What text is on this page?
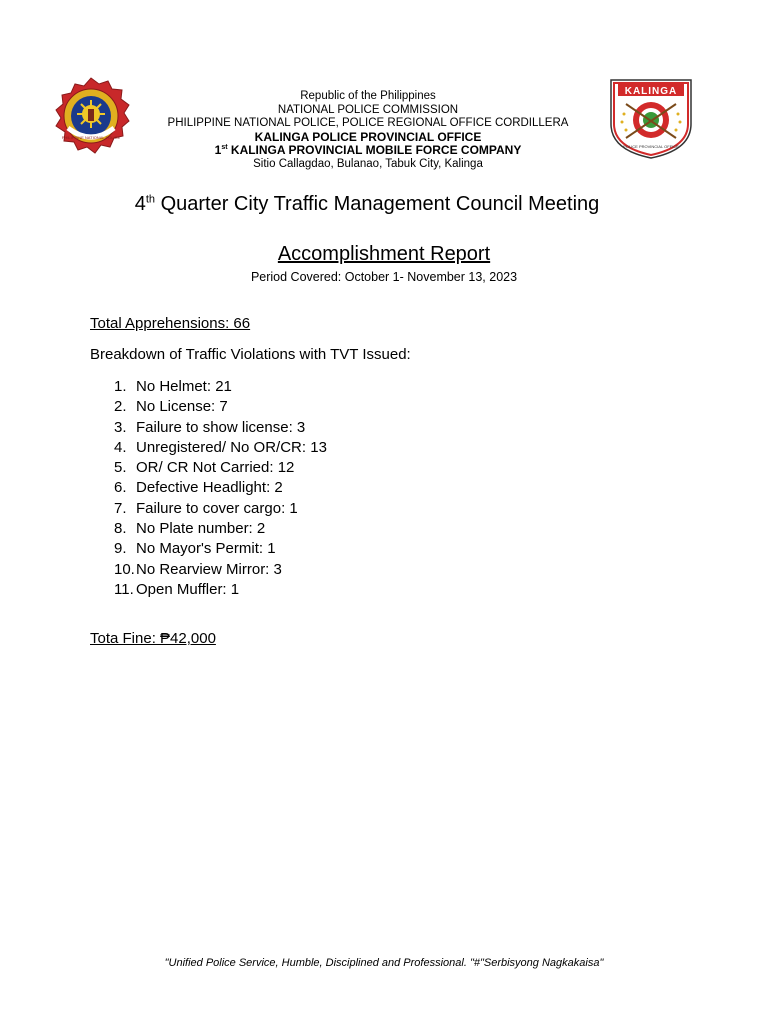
PHILIPPINE NATIONAL POLICE
KALINGA
POLICE PROVINCIAL OFFICE
Republic of the Philippines
NATIONAL POLICE COMMISSION
PHILIPPINE NATIONAL POLICE, POLICE REGIONAL OFFICE CORDILLERA
KALINGA POLICE PROVINCIAL OFFICE
1st KALINGA PROVINCIAL MOBILE FORCE COMPANY
Sitio Callagdao, Bulanao, Tabuk City, Kalinga
4th Quarter City Traffic Management Council Meeting
Accomplishment Report
Period Covered: October 1- November 13, 2023
Total Apprehensions: 66
Breakdown of Traffic Violations with TVT Issued:
1. No Helmet: 21
2. No License: 7
3. Failure to show license: 3
4. Unregistered/ No OR/CR: 13
5. OR/ CR Not Carried: 12
6. Defective Headlight: 2
7. Failure to cover cargo: 1
8. No Plate number: 2
9. No Mayor's Permit: 1
10.No Rearview Mirror: 3
11. Open Muffler: 1
Tota Fine: ₱42,000
"Unified Police Service, Humble, Disciplined and Professional. "#"Serbisyong Nagkakaisa"
